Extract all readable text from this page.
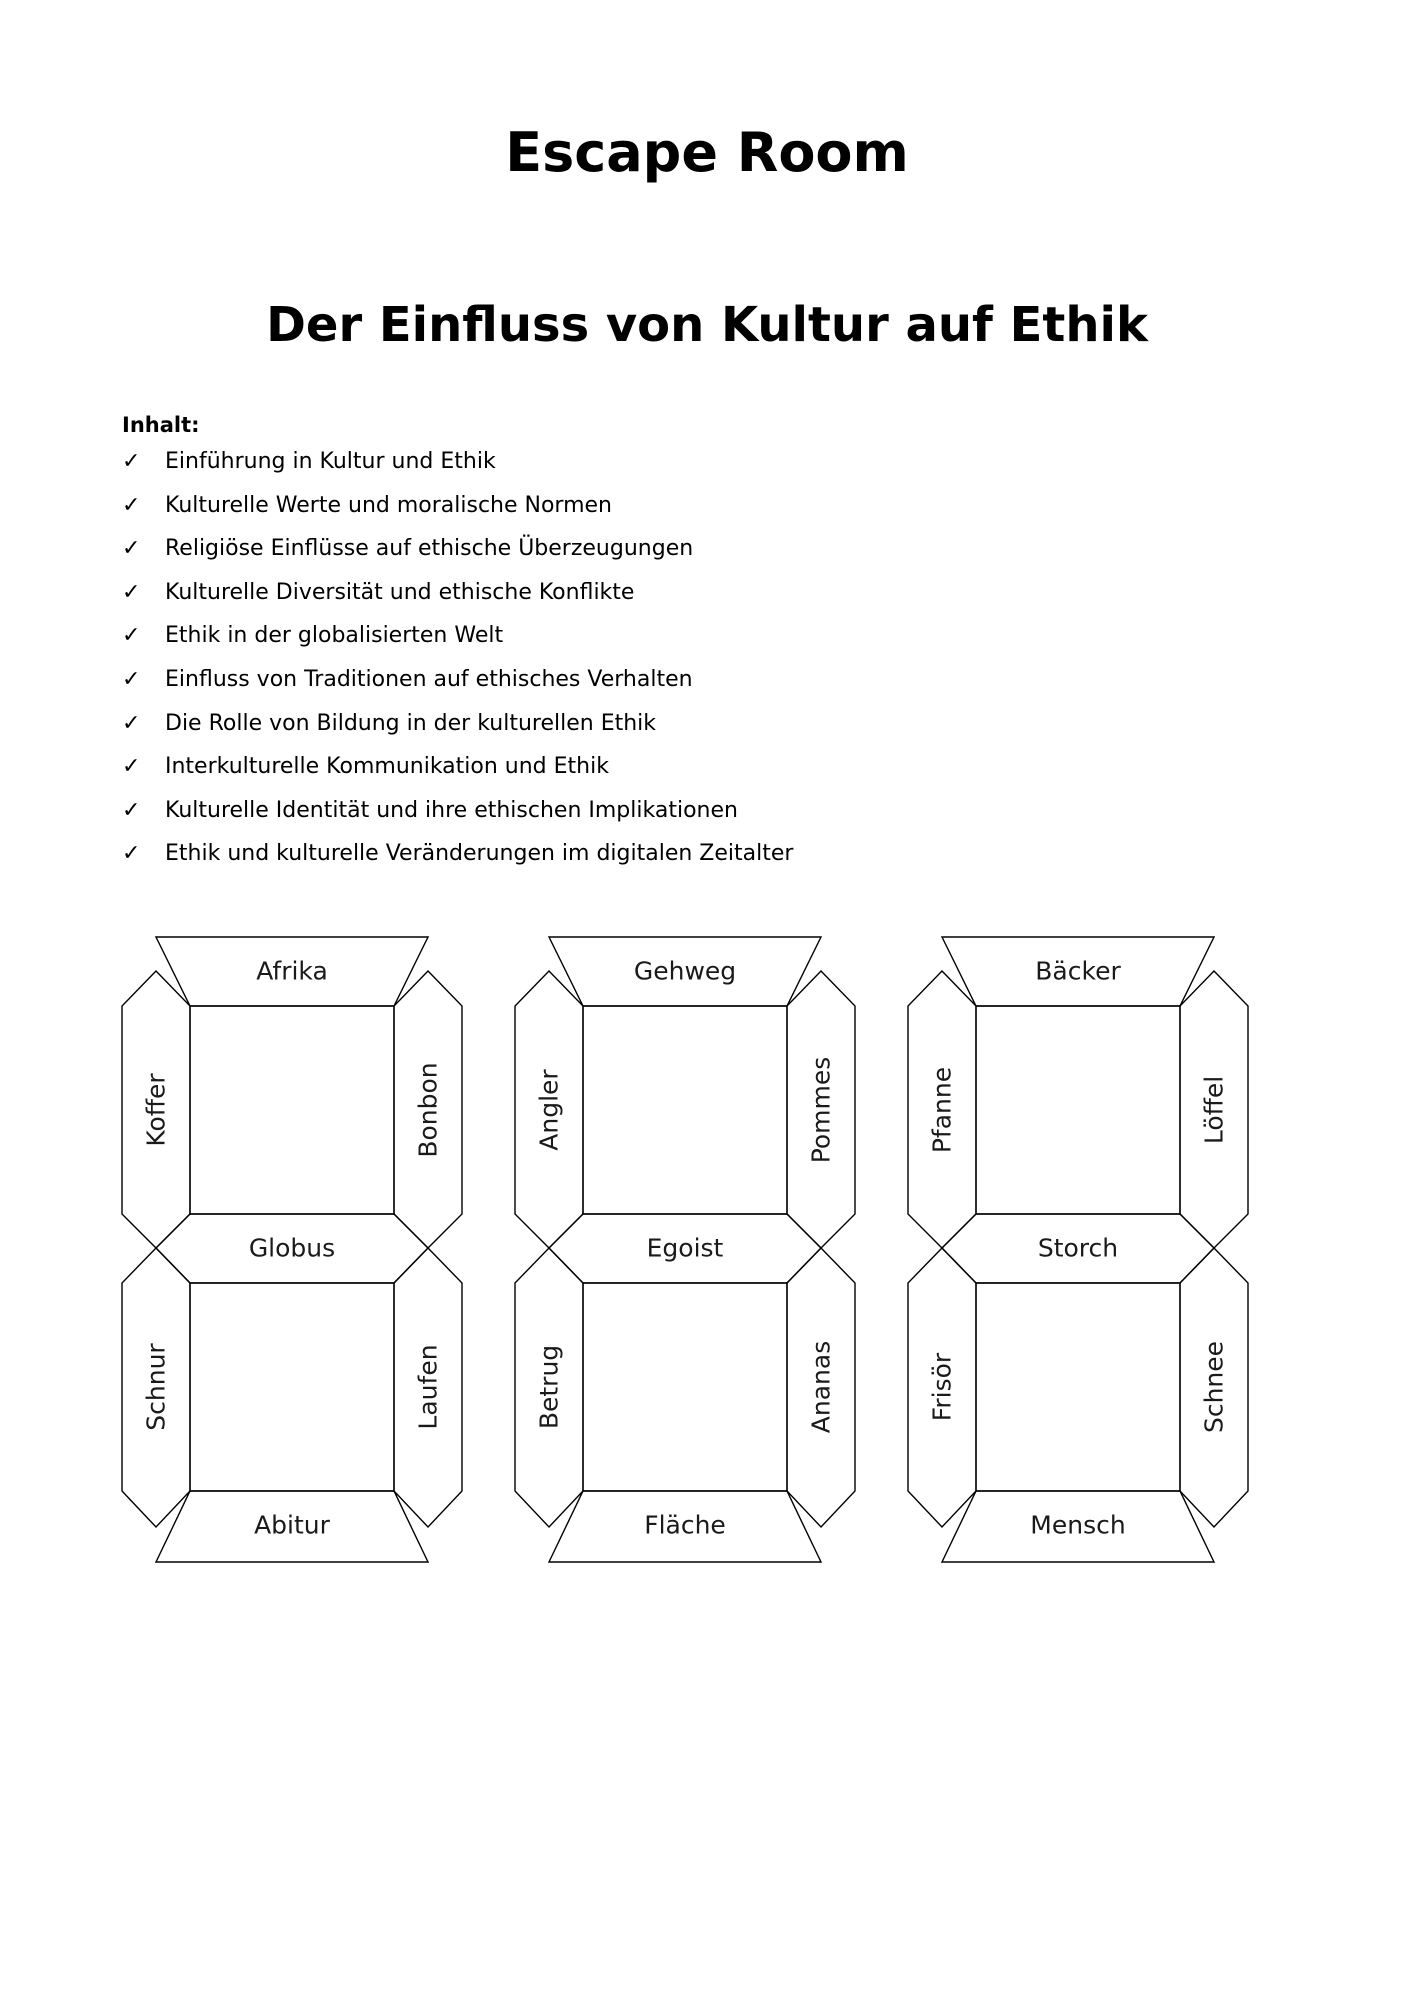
Escape Room
Der Einfluss von Kultur auf Ethik
Inhalt:
✓ Einführung in Kultur und Ethik
✓ Kulturelle Werte und moralische Normen
✓ Religiöse Einflüsse auf ethische Überzeugungen
✓ Kulturelle Diversität und ethische Konflikte
✓ Ethik in der globalisierten Welt
✓ Einfluss von Traditionen auf ethisches Verhalten
✓ Die Rolle von Bildung in der kulturellen Ethik
✓ Interkulturelle Kommunikation und Ethik
✓ Kulturelle Identität und ihre ethischen Implikationen
✓ Ethik und kulturelle Veränderungen im digitalen Zeitalter
Afrika
Koffer	Bonbon
Globus
Schnur	Laufen
Abitur
Gehweg
Angler	Pommes
Egoist
Betrug	Ananas
Fläche
Bäcker
Pfanne	Löffel
Storch
Frisör	Schnee
Mensch
